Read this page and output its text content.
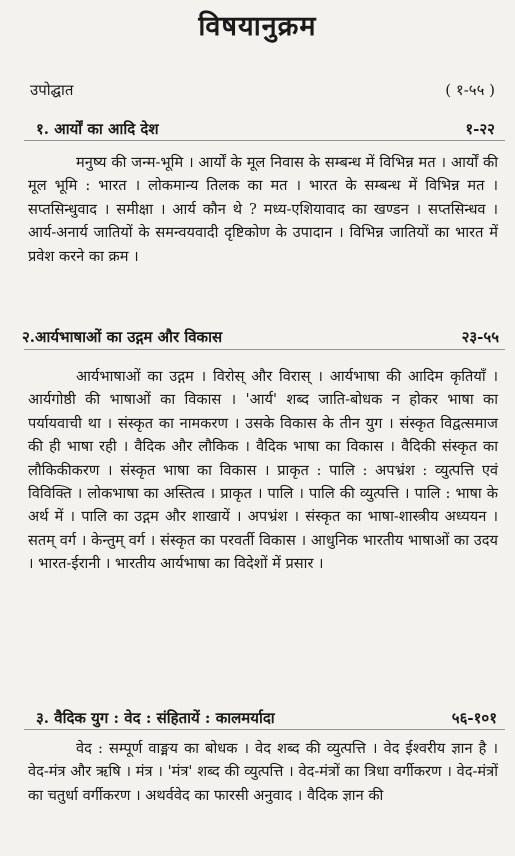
विषयानुक्रम
उपोद्घात	( १-५५ )
१. आर्यों का आदि देश	१-२२

मनुष्य की जन्म-भूमि । आर्यों के मूल निवास के सम्बन्ध में विभिन्न मत । आर्यों की मूल भूमि : भारत । लोकमान्य तिलक का मत । भारत के सम्बन्ध में विभिन्न मत । सप्तसिन्धुवाद । समीक्षा । आर्य कौन थे ? मध्य-एशियावाद का खण्डन । सप्तसिन्धव । आर्य-अनार्य जातियों के समन्वयवादी दृष्टिकोण के उपादान । विभिन्न जातियों का भारत में प्रवेश करने का क्रम ।

२.आर्यभाषाओं का उद्गम और विकास	२३-५५

आर्यभाषाओं का उद्गम । विरोस् और विरास् । आर्यभाषा की आदिम कृतियाँ । आर्यगोष्ठी की भाषाओं का विकास । 'आर्य' शब्द जाति-बोधक न होकर भाषा का पर्यायवाची था । संस्कृत का नामकरण । उसके विकास के तीन युग । संस्कृत विद्वत्समाज की ही भाषा रही । वैदिक और लौकिक । वैदिक भाषा का विकास । वैदिकी संस्कृत का लौकिकीकरण । संस्कृत भाषा का विकास । प्राकृत : पालि : अपभ्रंश : व्युत्पत्ति एवं विविक्ति । लोकभाषा का अस्तित्व । प्राकृत । पालि । पालि की व्युत्पत्ति । पालि : भाषा के अर्थ में । पालि का उद्गम और शाखायें । अपभ्रंश । संस्कृत का भाषा-शास्त्रीय अध्ययन । सतम् वर्ग । केन्तुम् वर्ग । संस्कृत का परवर्ती विकास । आधुनिक भारतीय भाषाओं का उदय । भारत-ईरानी । भारतीय आर्यभाषा का विदेशों में प्रसार ।

३. वैदिक युग : वेद : संहितायें : कालमर्यादा	५६-१०१

वेद : सम्पूर्ण वाङ्मय का बोधक । वेद शब्द की व्युत्पत्ति । वेद ईश्वरीय ज्ञान है । वेद-मंत्र और ऋषि । मंत्र । 'मंत्र' शब्द की व्युत्पत्ति । वेद-मंत्रों का त्रिधा वर्गीकरण । वेद-मंत्रों का चतुर्धा वर्गीकरण । अथर्ववेद का फारसी अनुवाद । वैदिक ज्ञान की
